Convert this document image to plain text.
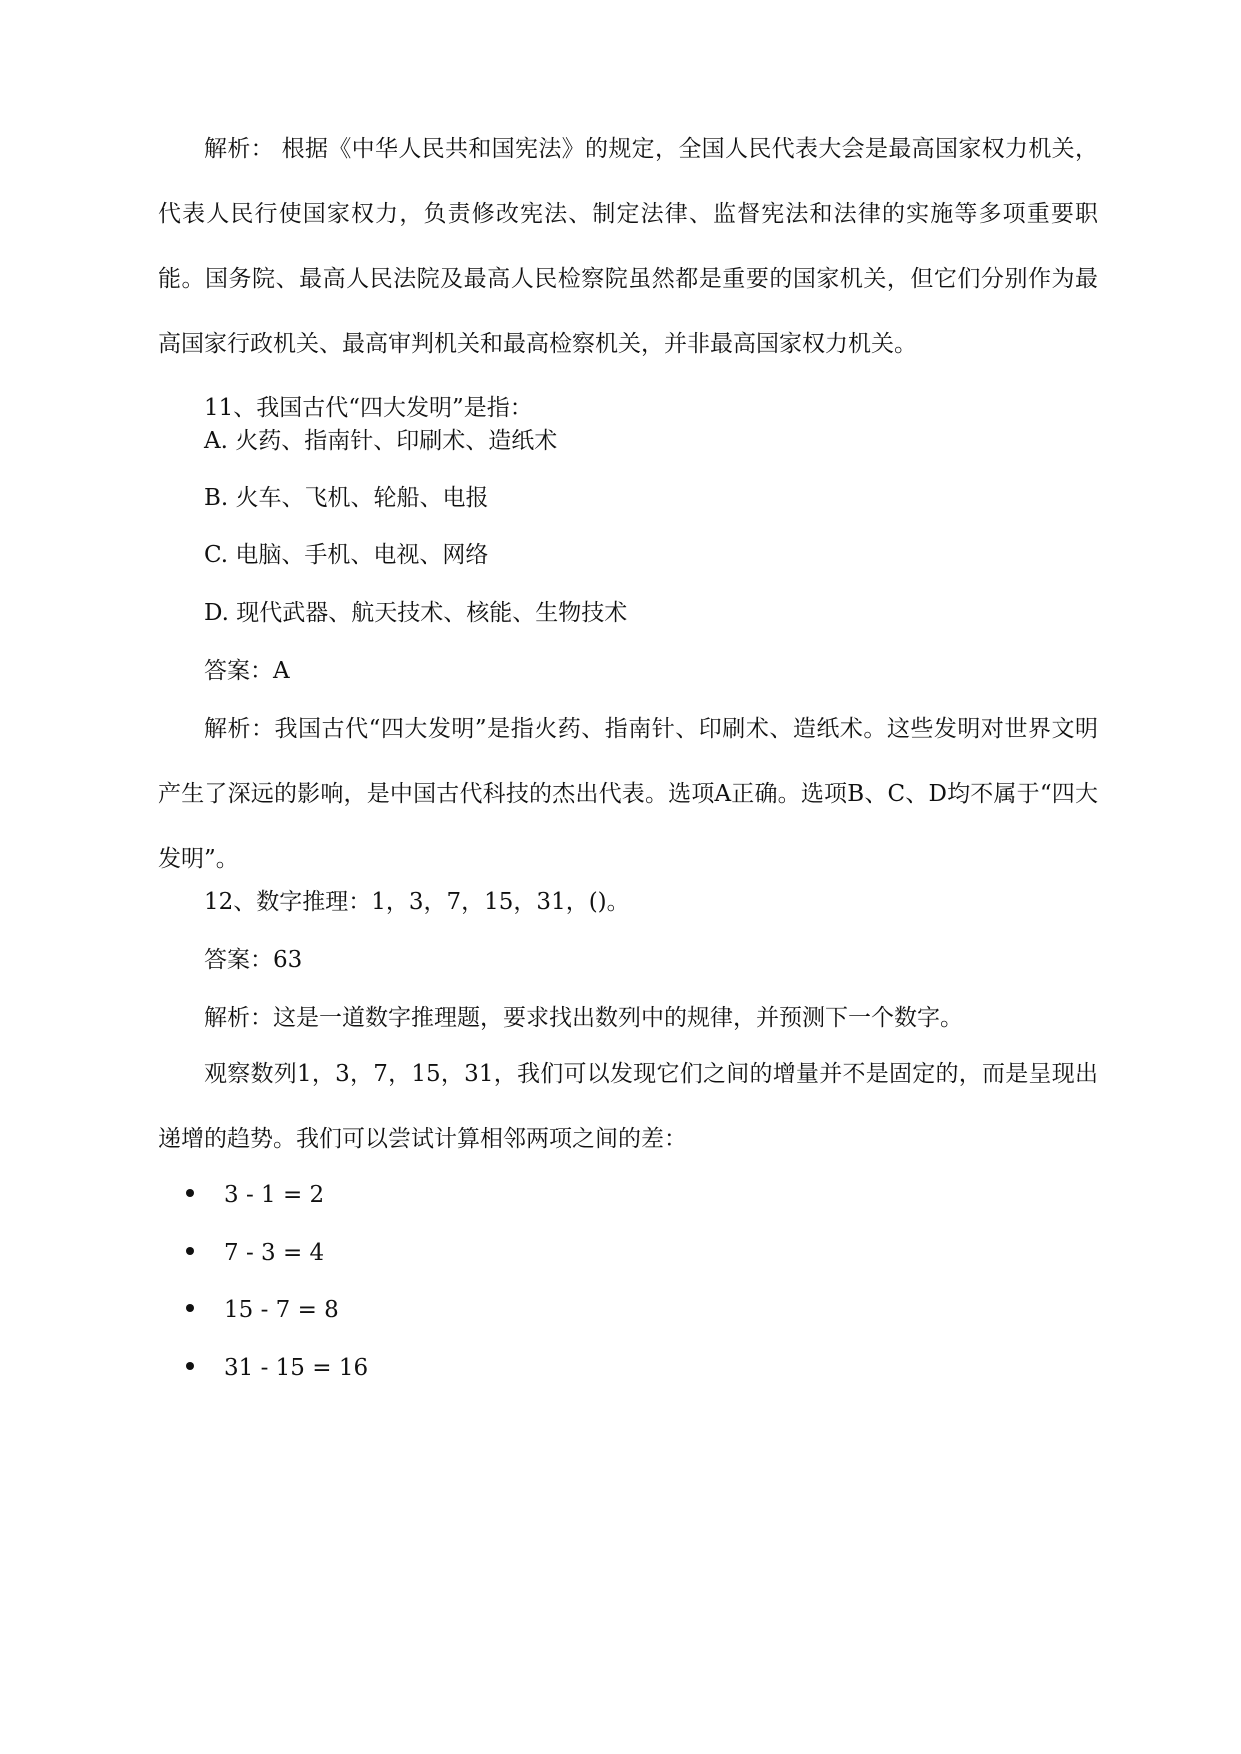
解析： 根据《中华人民共和国宪法》的规定，全国人民代表大会是最高国家权力机关，代表人民行使国家权力，负责修改宪法、制定法律、监督宪法和法律的实施等多项重要职能。国务院、最高人民法院及最高人民检察院虽然都是重要的国家机关，但它们分别作为最高国家行政机关、最高审判机关和最高检察机关，并非最高国家权力机关。

11、我国古代“四大发明”是指：

A. 火药、指南针、印刷术、造纸术

B. 火车、飞机、轮船、电报

C. 电脑、手机、电视、网络

D. 现代武器、航天技术、核能、生物技术

答案：A

解析：我国古代“四大发明”是指火药、指南针、印刷术、造纸术。这些发明对世界文明产生了深远的影响，是中国古代科技的杰出代表。选项A正确。选项B、C、D均不属于“四大发明”。

12、数字推理：1，3，7，15，31，()。

答案：63

解析：这是一道数字推理题，要求找出数列中的规律，并预测下一个数字。

观察数列1，3，7，15，31，我们可以发现它们之间的增量并不是固定的，而是呈现出递增的趋势。我们可以尝试计算相邻两项之间的差：

3 - 1 = 2
7 - 3 = 4
15 - 7 = 8
31 - 15 = 16
